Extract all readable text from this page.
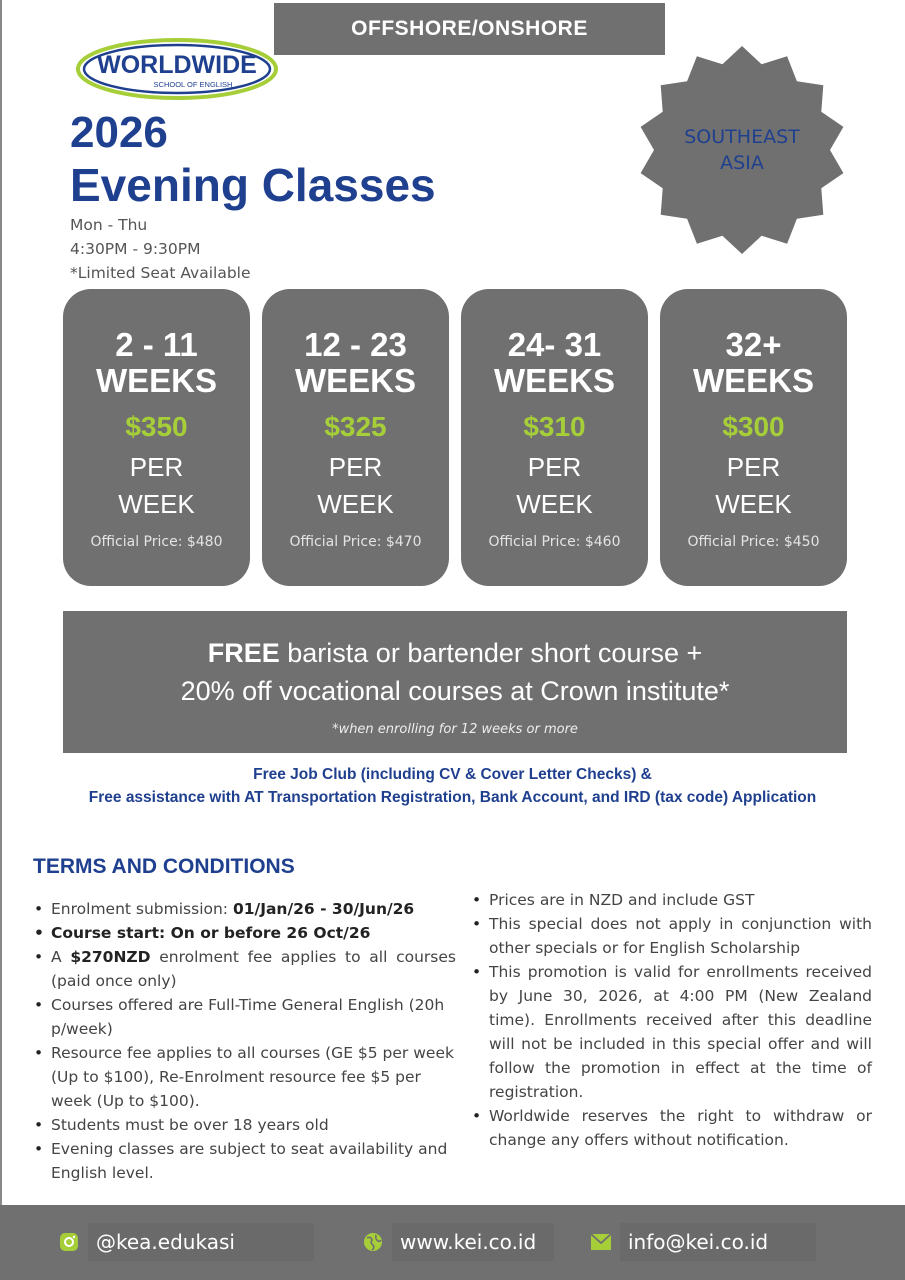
OFFSHORE/ONSHORE
WORLDWIDE
SCHOOL OF ENGLISH
2026
Evening Classes
Mon - Thu
4:30PM - 9:30PM
*Limited Seat Available
SOUTHEAST
ASIA
2 - 11
WEEKS
$350
PER
WEEK
Official Price: $480
12 - 23
WEEKS
$325
PER
WEEK
Official Price: $470
24- 31
WEEKS
$310
PER
WEEK
Official Price: $460
32+
WEEKS
$300
PER
WEEK
Official Price: $450
FREE barista or bartender short course +
20% off vocational courses at Crown institute*
*when enrolling for 12 weeks or more
Free Job Club (including CV & Cover Letter Checks) &
Free assistance with AT Transportation Registration, Bank Account, and IRD (tax code) Application
TERMS AND CONDITIONS
• Enrolment submission: 01/Jan/26 - 30/Jun/26
• Course start: On or before 26 Oct/26
• A $270NZD enrolment fee applies to all courses (paid once only)
• Courses offered are Full-Time General English (20h p/week)
• Resource fee applies to all courses (GE $5 per week (Up to $100), Re-Enrolment resource fee $5 per week (Up to $100).
• Students must be over 18 years old
• Evening classes are subject to seat availability and English level.
• Prices are in NZD and include GST
• This special does not apply in conjunction with other specials or for English Scholarship
• This promotion is valid for enrollments received by June 30, 2026, at 4:00 PM (New Zealand time). Enrollments received after this deadline will not be included in this special offer and will follow the promotion in effect at the time of registration.
• Worldwide reserves the right to withdraw or change any offers without notification.
@kea.edukasi	www.kei.co.id	info@kei.co.id
